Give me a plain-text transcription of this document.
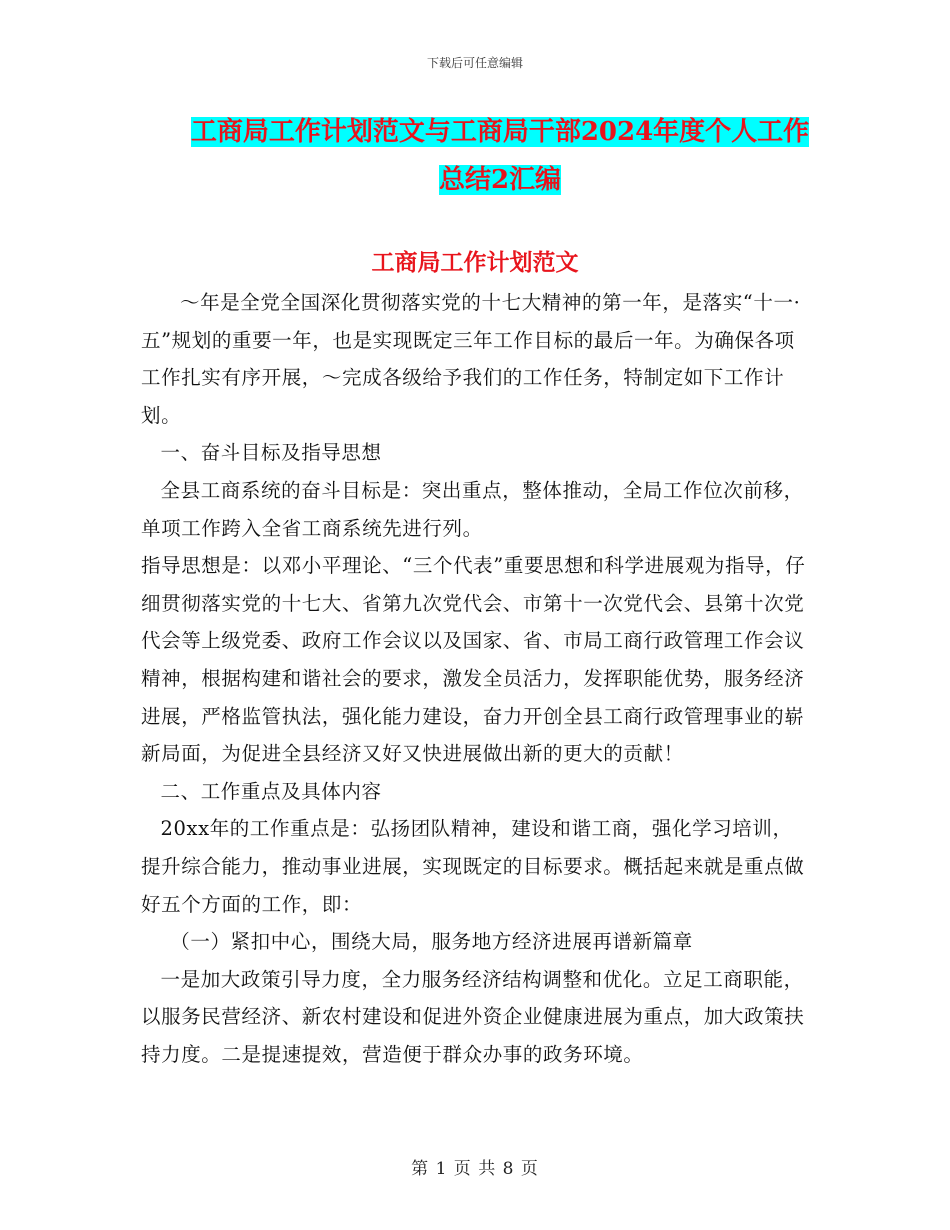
下载后可任意编辑
工商局工作计划范文与工商局干部2024年度个人工作
总结2汇编
工商局工作计划范文

～年是全党全国深化贯彻落实党的十七大精神的第一年，是落实“十一·五”规划的重要一年，也是实现既定三年工作目标的最后一年。为确保各项工作扎实有序开展，～完成各级给予我们的工作任务，特制定如下工作计划。

一、奋斗目标及指导思想

全县工商系统的奋斗目标是：突出重点，整体推动，全局工作位次前移，单项工作跨入全省工商系统先进行列。

指导思想是：以邓小平理论、“三个代表”重要思想和科学进展观为指导，仔细贯彻落实党的十七大、省第九次党代会、市第十一次党代会、县第十次党代会等上级党委、政府工作会议以及国家、省、市局工商行政管理工作会议精神，根据构建和谐社会的要求，激发全员活力，发挥职能优势，服务经济进展，严格监管执法，强化能力建设，奋力开创全县工商行政管理事业的崭新局面，为促进全县经济又好又快进展做出新的更大的贡献！

二、工作重点及具体内容

20xx年的工作重点是：弘扬团队精神，建设和谐工商，强化学习培训，提升综合能力，推动事业进展，实现既定的目标要求。概括起来就是重点做好五个方面的工作，即：

（一）紧扣中心，围绕大局，服务地方经济进展再谱新篇章

一是加大政策引导力度，全力服务经济结构调整和优化。立足工商职能，以服务民营经济、新农村建设和促进外资企业健康进展为重点，加大政策扶持力度。二是提速提效，营造便于群众办事的政务环境。

第 1 页 共 8 页
